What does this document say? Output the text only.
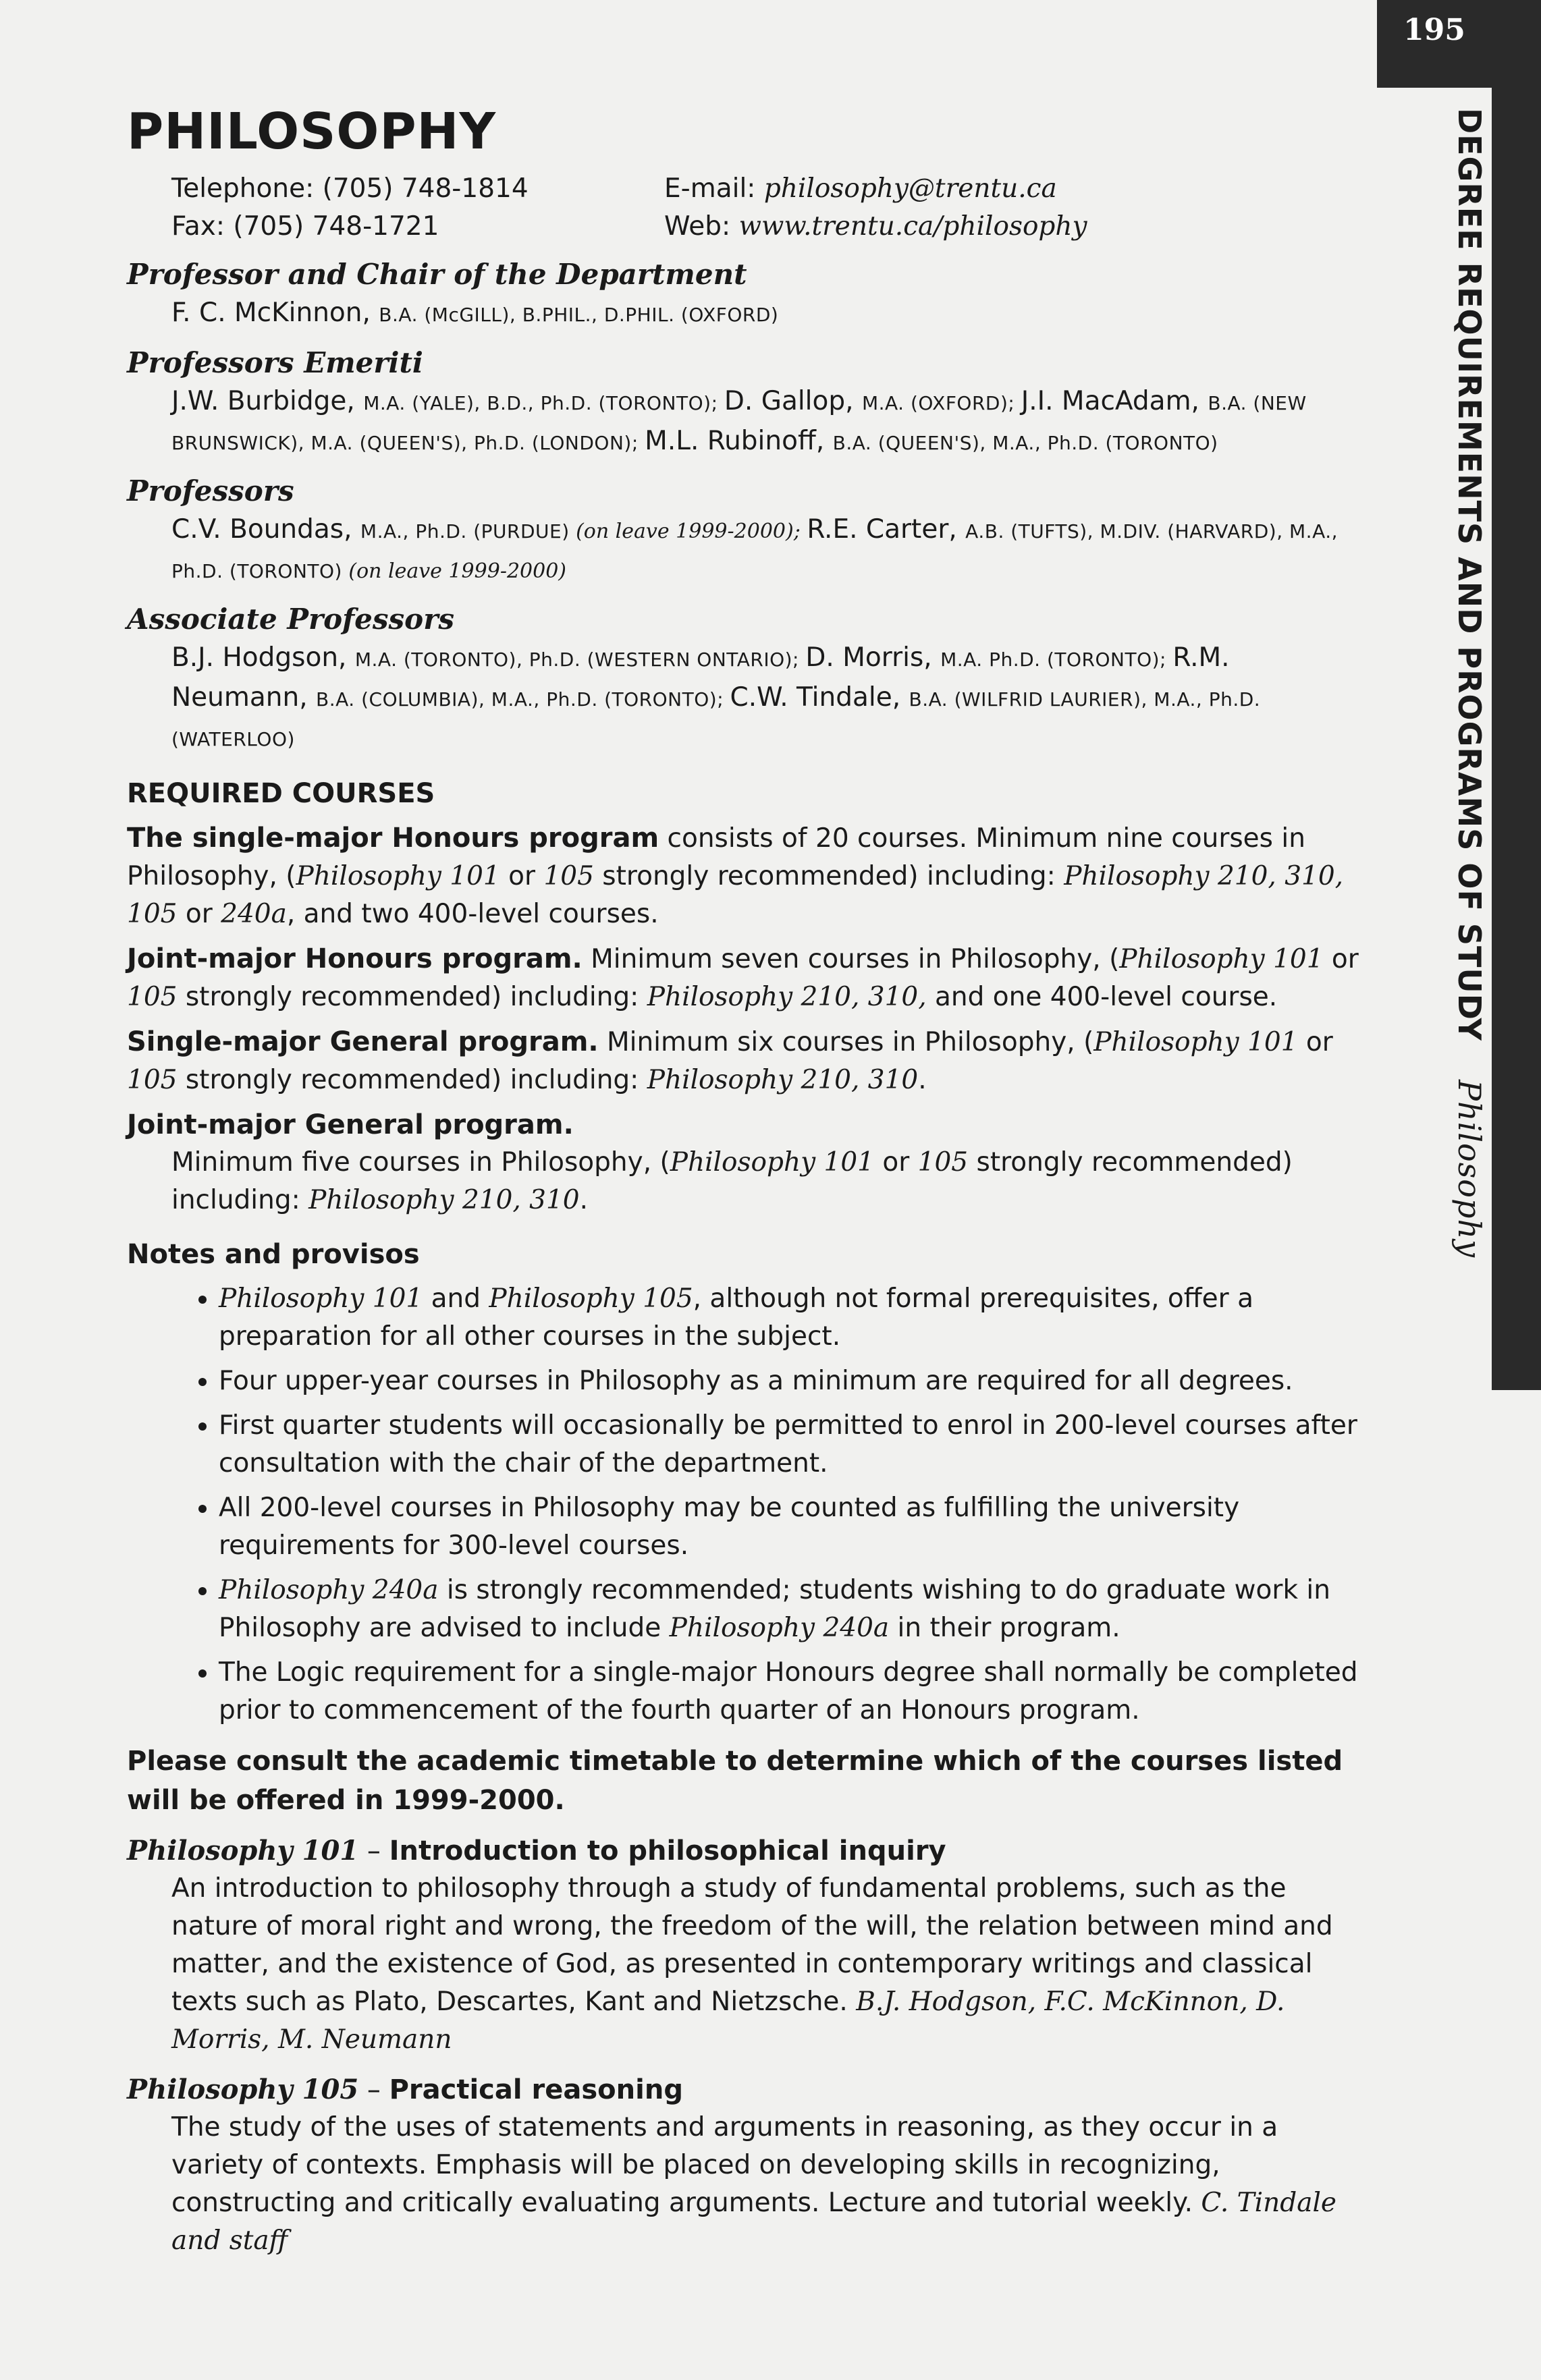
195
DEGREE REQUIREMENTS AND PROGRAMS OF STUDY Philosophy
PHILOSOPHY
Telephone: (705) 748-1814	E-mail: philosophy@trentu.ca
Fax: (705) 748-1721	Web: www.trentu.ca/philosophy
Professor and Chair of the Department
F. C. McKinnon, B.A. (McGILL), B.PHIL., D.PHIL. (OXFORD)
Professors Emeriti
J.W. Burbidge, M.A. (YALE), B.D., Ph.D. (TORONTO); D. Gallop, M.A. (OXFORD); J.I. MacAdam, B.A. (NEW BRUNSWICK), M.A. (QUEEN'S), Ph.D. (LONDON); M.L. Rubinoff, B.A. (QUEEN'S), M.A., Ph.D. (TORONTO)
Professors
C.V. Boundas, M.A., Ph.D. (PURDUE) (on leave 1999-2000); R.E. Carter, A.B. (TUFTS), M.DIV. (HARVARD), M.A., Ph.D. (TORONTO) (on leave 1999-2000)
Associate Professors
B.J. Hodgson, M.A. (TORONTO), Ph.D. (WESTERN ONTARIO); D. Morris, M.A. Ph.D. (TORONTO); R.M. Neumann, B.A. (COLUMBIA), M.A., Ph.D. (TORONTO); C.W. Tindale, B.A. (WILFRID LAURIER), M.A., Ph.D. (WATERLOO)
REQUIRED COURSES
The single-major Honours program consists of 20 courses. Minimum nine courses in Philosophy, (Philosophy 101 or 105 strongly recommended) including: Philosophy 210, 310, 105 or 240a, and two 400-level courses.
Joint-major Honours program. Minimum seven courses in Philosophy, (Philosophy 101 or 105 strongly recommended) including: Philosophy 210, 310, and one 400-level course.
Single-major General program. Minimum six courses in Philosophy, (Philosophy 101 or 105 strongly recommended) including: Philosophy 210, 310.
Joint-major General program.
Minimum five courses in Philosophy, (Philosophy 101 or 105 strongly recommended) including: Philosophy 210, 310.
Notes and provisos
• Philosophy 101 and Philosophy 105, although not formal prerequisites, offer a preparation for all other courses in the subject.
• Four upper-year courses in Philosophy as a minimum are required for all degrees.
• First quarter students will occasionally be permitted to enrol in 200-level courses after consultation with the chair of the department.
• All 200-level courses in Philosophy may be counted as fulfilling the university requirements for 300-level courses.
• Philosophy 240a is strongly recommended; students wishing to do graduate work in Philosophy are advised to include Philosophy 240a in their program.
• The Logic requirement for a single-major Honours degree shall normally be completed prior to commencement of the fourth quarter of an Honours program.
Please consult the academic timetable to determine which of the courses listed will be offered in 1999-2000.
Philosophy 101 – Introduction to philosophical inquiry
An introduction to philosophy through a study of fundamental problems, such as the nature of moral right and wrong, the freedom of the will, the relation between mind and matter, and the existence of God, as presented in contemporary writings and classical texts such as Plato, Descartes, Kant and Nietzsche. B.J. Hodgson, F.C. McKinnon, D. Morris, M. Neumann
Philosophy 105 – Practical reasoning
The study of the uses of statements and arguments in reasoning, as they occur in a variety of contexts. Emphasis will be placed on developing skills in recognizing, constructing and critically evaluating arguments. Lecture and tutorial weekly. C. Tindale and staff
